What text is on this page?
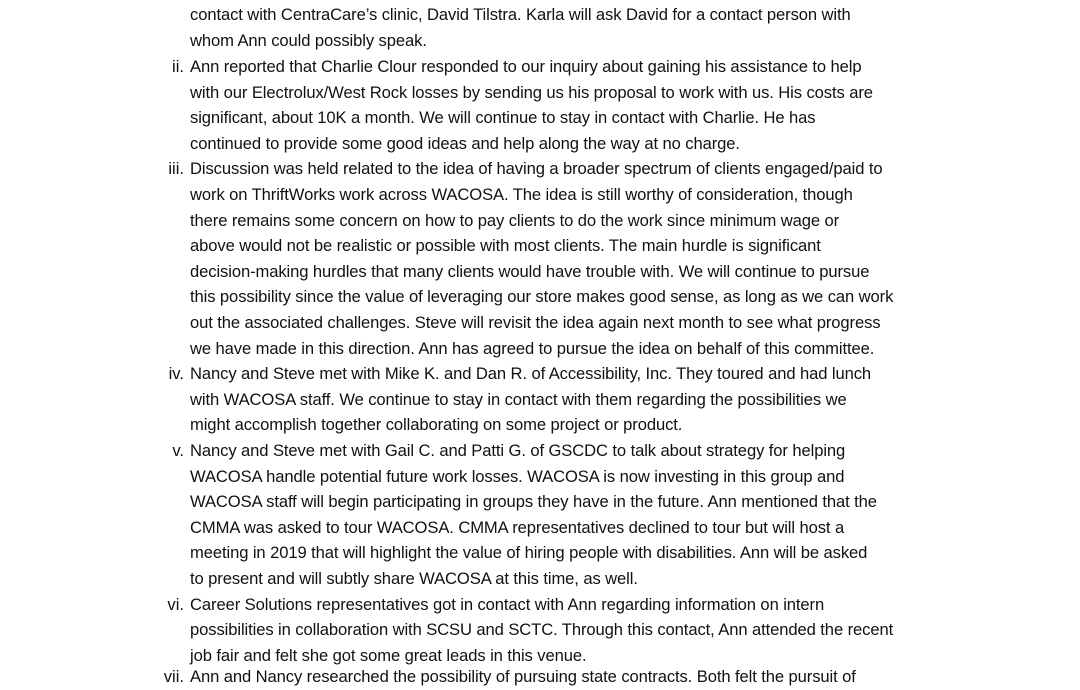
contact with CentraCare’s clinic, David Tilstra. Karla will ask David for a contact person with
whom Ann could possibly speak.
ii. Ann reported that Charlie Clour responded to our inquiry about gaining his assistance to help
with our Electrolux/West Rock losses by sending us his proposal to work with us. His costs are
significant, about 10K a month. We will continue to stay in contact with Charlie. He has
continued to provide some good ideas and help along the way at no charge.
iii. Discussion was held related to the idea of having a broader spectrum of clients engaged/paid to
work on ThriftWorks work across WACOSA. The idea is still worthy of consideration, though
there remains some concern on how to pay clients to do the work since minimum wage or
above would not be realistic or possible with most clients. The main hurdle is significant
decision-making hurdles that many clients would have trouble with. We will continue to pursue
this possibility since the value of leveraging our store makes good sense, as long as we can work
out the associated challenges. Steve will revisit the idea again next month to see what progress
we have made in this direction. Ann has agreed to pursue the idea on behalf of this committee.
iv. Nancy and Steve met with Mike K. and Dan R. of Accessibility, Inc. They toured and had lunch
with WACOSA staff. We continue to stay in contact with them regarding the possibilities we
might accomplish together collaborating on some project or product.
v. Nancy and Steve met with Gail C. and Patti G. of GSCDC to talk about strategy for helping
WACOSA handle potential future work losses. WACOSA is now investing in this group and
WACOSA staff will begin participating in groups they have in the future. Ann mentioned that the
CMMA was asked to tour WACOSA. CMMA representatives declined to tour but will host a
meeting in 2019 that will highlight the value of hiring people with disabilities. Ann will be asked
to present and will subtly share WACOSA at this time, as well.
vi. Career Solutions representatives got in contact with Ann regarding information on intern
possibilities in collaboration with SCSU and SCTC. Through this contact, Ann attended the recent
job fair and felt she got some great leads in this venue.
vii. Ann and Nancy researched the possibility of pursuing state contracts. Both felt the pursuit of
